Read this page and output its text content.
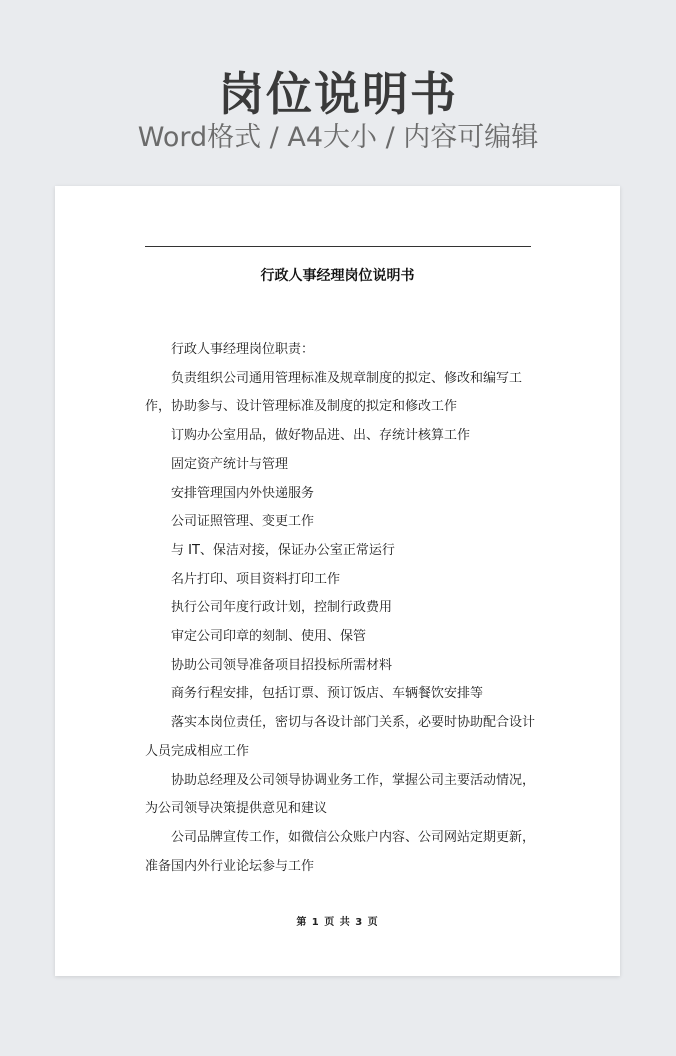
岗位说明书
Word格式 / A4大小 / 内容可编辑
行政人事经理岗位说明书

行政人事经理岗位职责：

负责组织公司通用管理标准及规章制度的拟定、修改和编写工作，协助参与、设计管理标准及制度的拟定和修改工作

订购办公室用品，做好物品进、出、存统计核算工作

固定资产统计与管理

安排管理国内外快递服务

公司证照管理、变更工作

与 IT、保洁对接，保证办公室正常运行

名片打印、项目资料打印工作

执行公司年度行政计划，控制行政费用

审定公司印章的刻制、使用、保管

协助公司领导准备项目招投标所需材料

商务行程安排，包括订票、预订饭店、车辆餐饮安排等

落实本岗位责任，密切与各设计部门关系，必要时协助配合设计人员完成相应工作

协助总经理及公司领导协调业务工作，掌握公司主要活动情况，为公司领导决策提供意见和建议

公司品牌宣传工作，如微信公众账户内容、公司网站定期更新，准备国内外行业论坛参与工作

第 1 页 共 3 页
